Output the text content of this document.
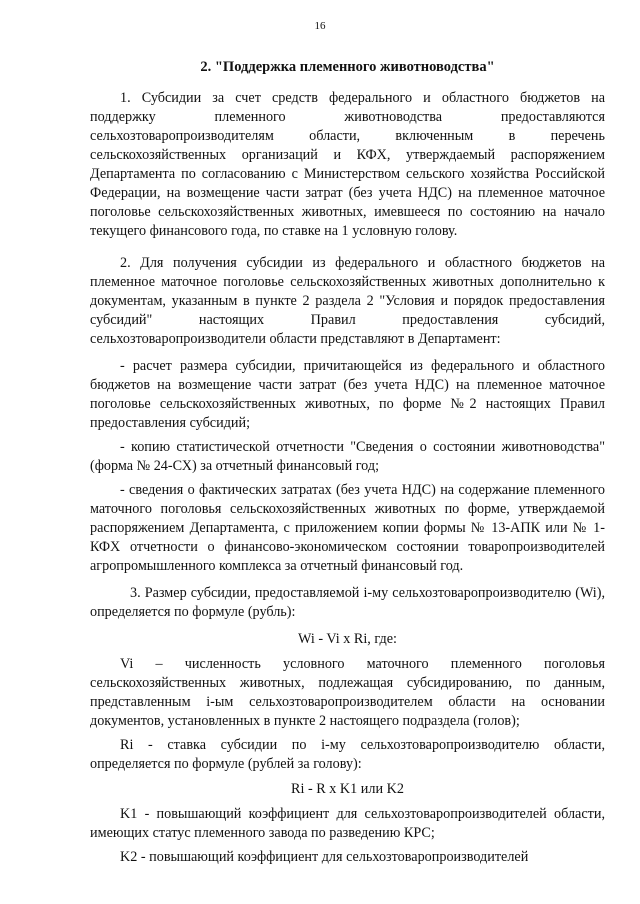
16
2. "Поддержка племенного животноводства"

1. Субсидии за счет средств федерального и областного бюджетов на поддержку племенного животноводства предоставляются сельхозтоваропроизводителям области, включенным в перечень сельскохозяйственных организаций и КФХ, утверждаемый распоряжением Департамента по согласованию с Министерством сельского хозяйства Российской Федерации, на возмещение части затрат (без учета НДС) на племенное маточное поголовье сельскохозяйственных животных, имевшееся по состоянию на начало текущего финансового года, по ставке на 1 условную голову.

2. Для получения субсидии из федерального и областного бюджетов на племенное маточное поголовье сельскохозяйственных животных дополнительно к документам, указанным в пункте 2 раздела 2 "Условия и порядок предоставления субсидий" настоящих Правил предоставления субсидий, сельхозтоваропроизводители области представляют в Департамент:

- расчет размера субсидии, причитающейся из федерального и областного бюджетов на возмещение части затрат (без учета НДС) на племенное маточное поголовье сельскохозяйственных животных, по форме №2 настоящих Правил предоставления субсидий;

- копию статистической отчетности "Сведения о состоянии животноводства" (форма № 24-СХ) за отчетный финансовый год;

- сведения о фактических затратах (без учета НДС) на содержание племенного маточного поголовья сельскохозяйственных животных по форме, утверждаемой распоряжением Департамента, с приложением копии формы № 13-АПК или № 1-КФХ отчетности о финансово-экономическом состоянии товаропроизводителей агропромышленного комплекса за отчетный финансовый год.

3. Размер субсидии, предоставляемой i-му сельхозтоваропроизводителю (Wi), определяется по формуле (рубль):

Wi - Vi x Ri, где:

Vi – численность условного маточного племенного поголовья сельскохозяйственных животных, подлежащая субсидированию, по данным, представленным i-ым сельхозтоваропроизводителем области на основании документов, установленных в пункте 2 настоящего подраздела (голов);

Ri - ставка субсидии по i-му сельхозтоваропроизводителю области, определяется по формуле (рублей за голову):

Ri - R x K1 или K2

K1 - повышающий коэффициент для сельхозтоваропроизводителей области, имеющих статус племенного завода по разведению КРС;

K2 - повышающий коэффициент для сельхозтоваропроизводителей
